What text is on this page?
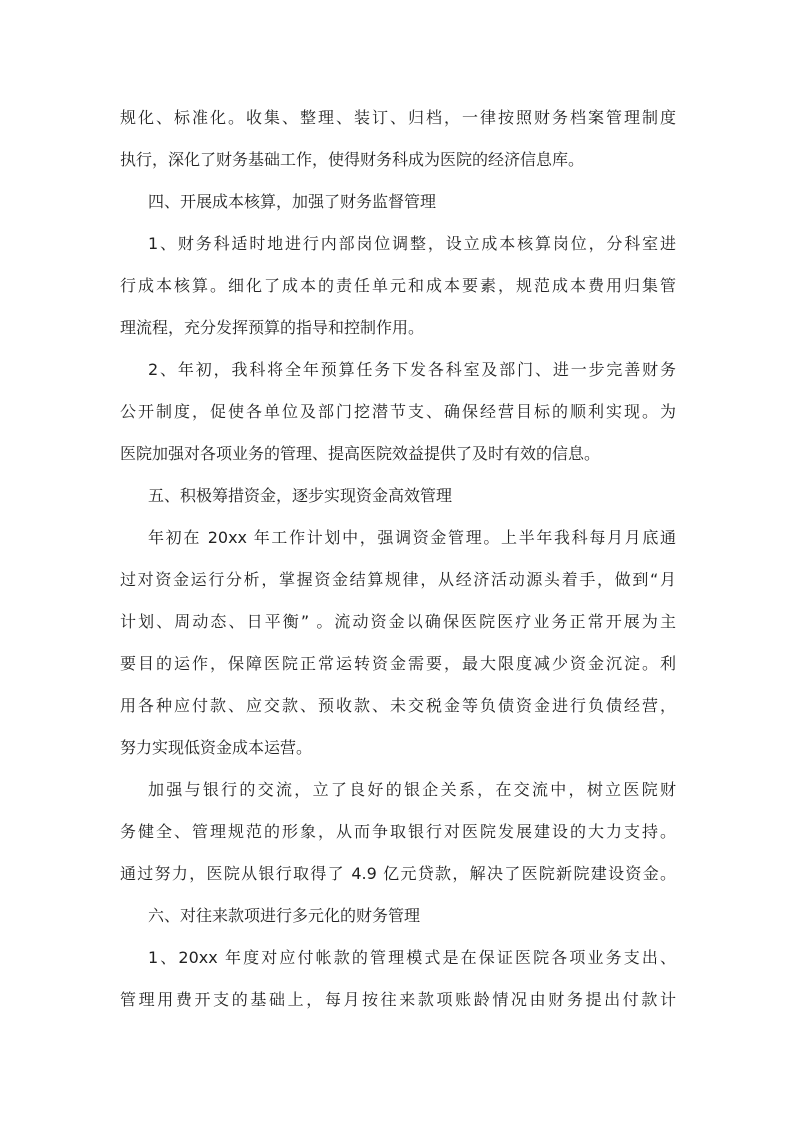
规化、标准化。收集、整理、装订、归档，一律按照财务档案管理制度
执行，深化了财务基础工作，使得财务科成为医院的经济信息库。
四、开展成本核算，加强了财务监督管理
1、财务科适时地进行内部岗位调整，设立成本核算岗位，分科室进
行成本核算。细化了成本的责任单元和成本要素，规范成本费用归集管
理流程，充分发挥预算的指导和控制作用。
2、年初，我科将全年预算任务下发各科室及部门、进一步完善财务
公开制度，促使各单位及部门挖潜节支、确保经营目标的顺利实现。为
医院加强对各项业务的管理、提高医院效益提供了及时有效的信息。
五、积极筹措资金，逐步实现资金高效管理
年初在 20xx 年工作计划中，强调资金管理。上半年我科每月月底通
过对资金运行分析，掌握资金结算规律，从经济活动源头着手，做到“月
计划、周动态、日平衡” 。流动资金以确保医院医疗业务正常开展为主
要目的运作，保障医院正常运转资金需要，最大限度减少资金沉淀。利
用各种应付款、应交款、预收款、未交税金等负债资金进行负债经营，
努力实现低资金成本运营。
加强与银行的交流，立了良好的银企关系，在交流中，树立医院财
务健全、管理规范的形象，从而争取银行对医院发展建设的大力支持。
通过努力，医院从银行取得了 4.9 亿元贷款，解决了医院新院建设资金。
六、对往来款项进行多元化的财务管理
1、20xx 年度对应付帐款的管理模式是在保证医院各项业务支出、
管理用费开支的基础上，每月按往来款项账龄情况由财务提出付款计
